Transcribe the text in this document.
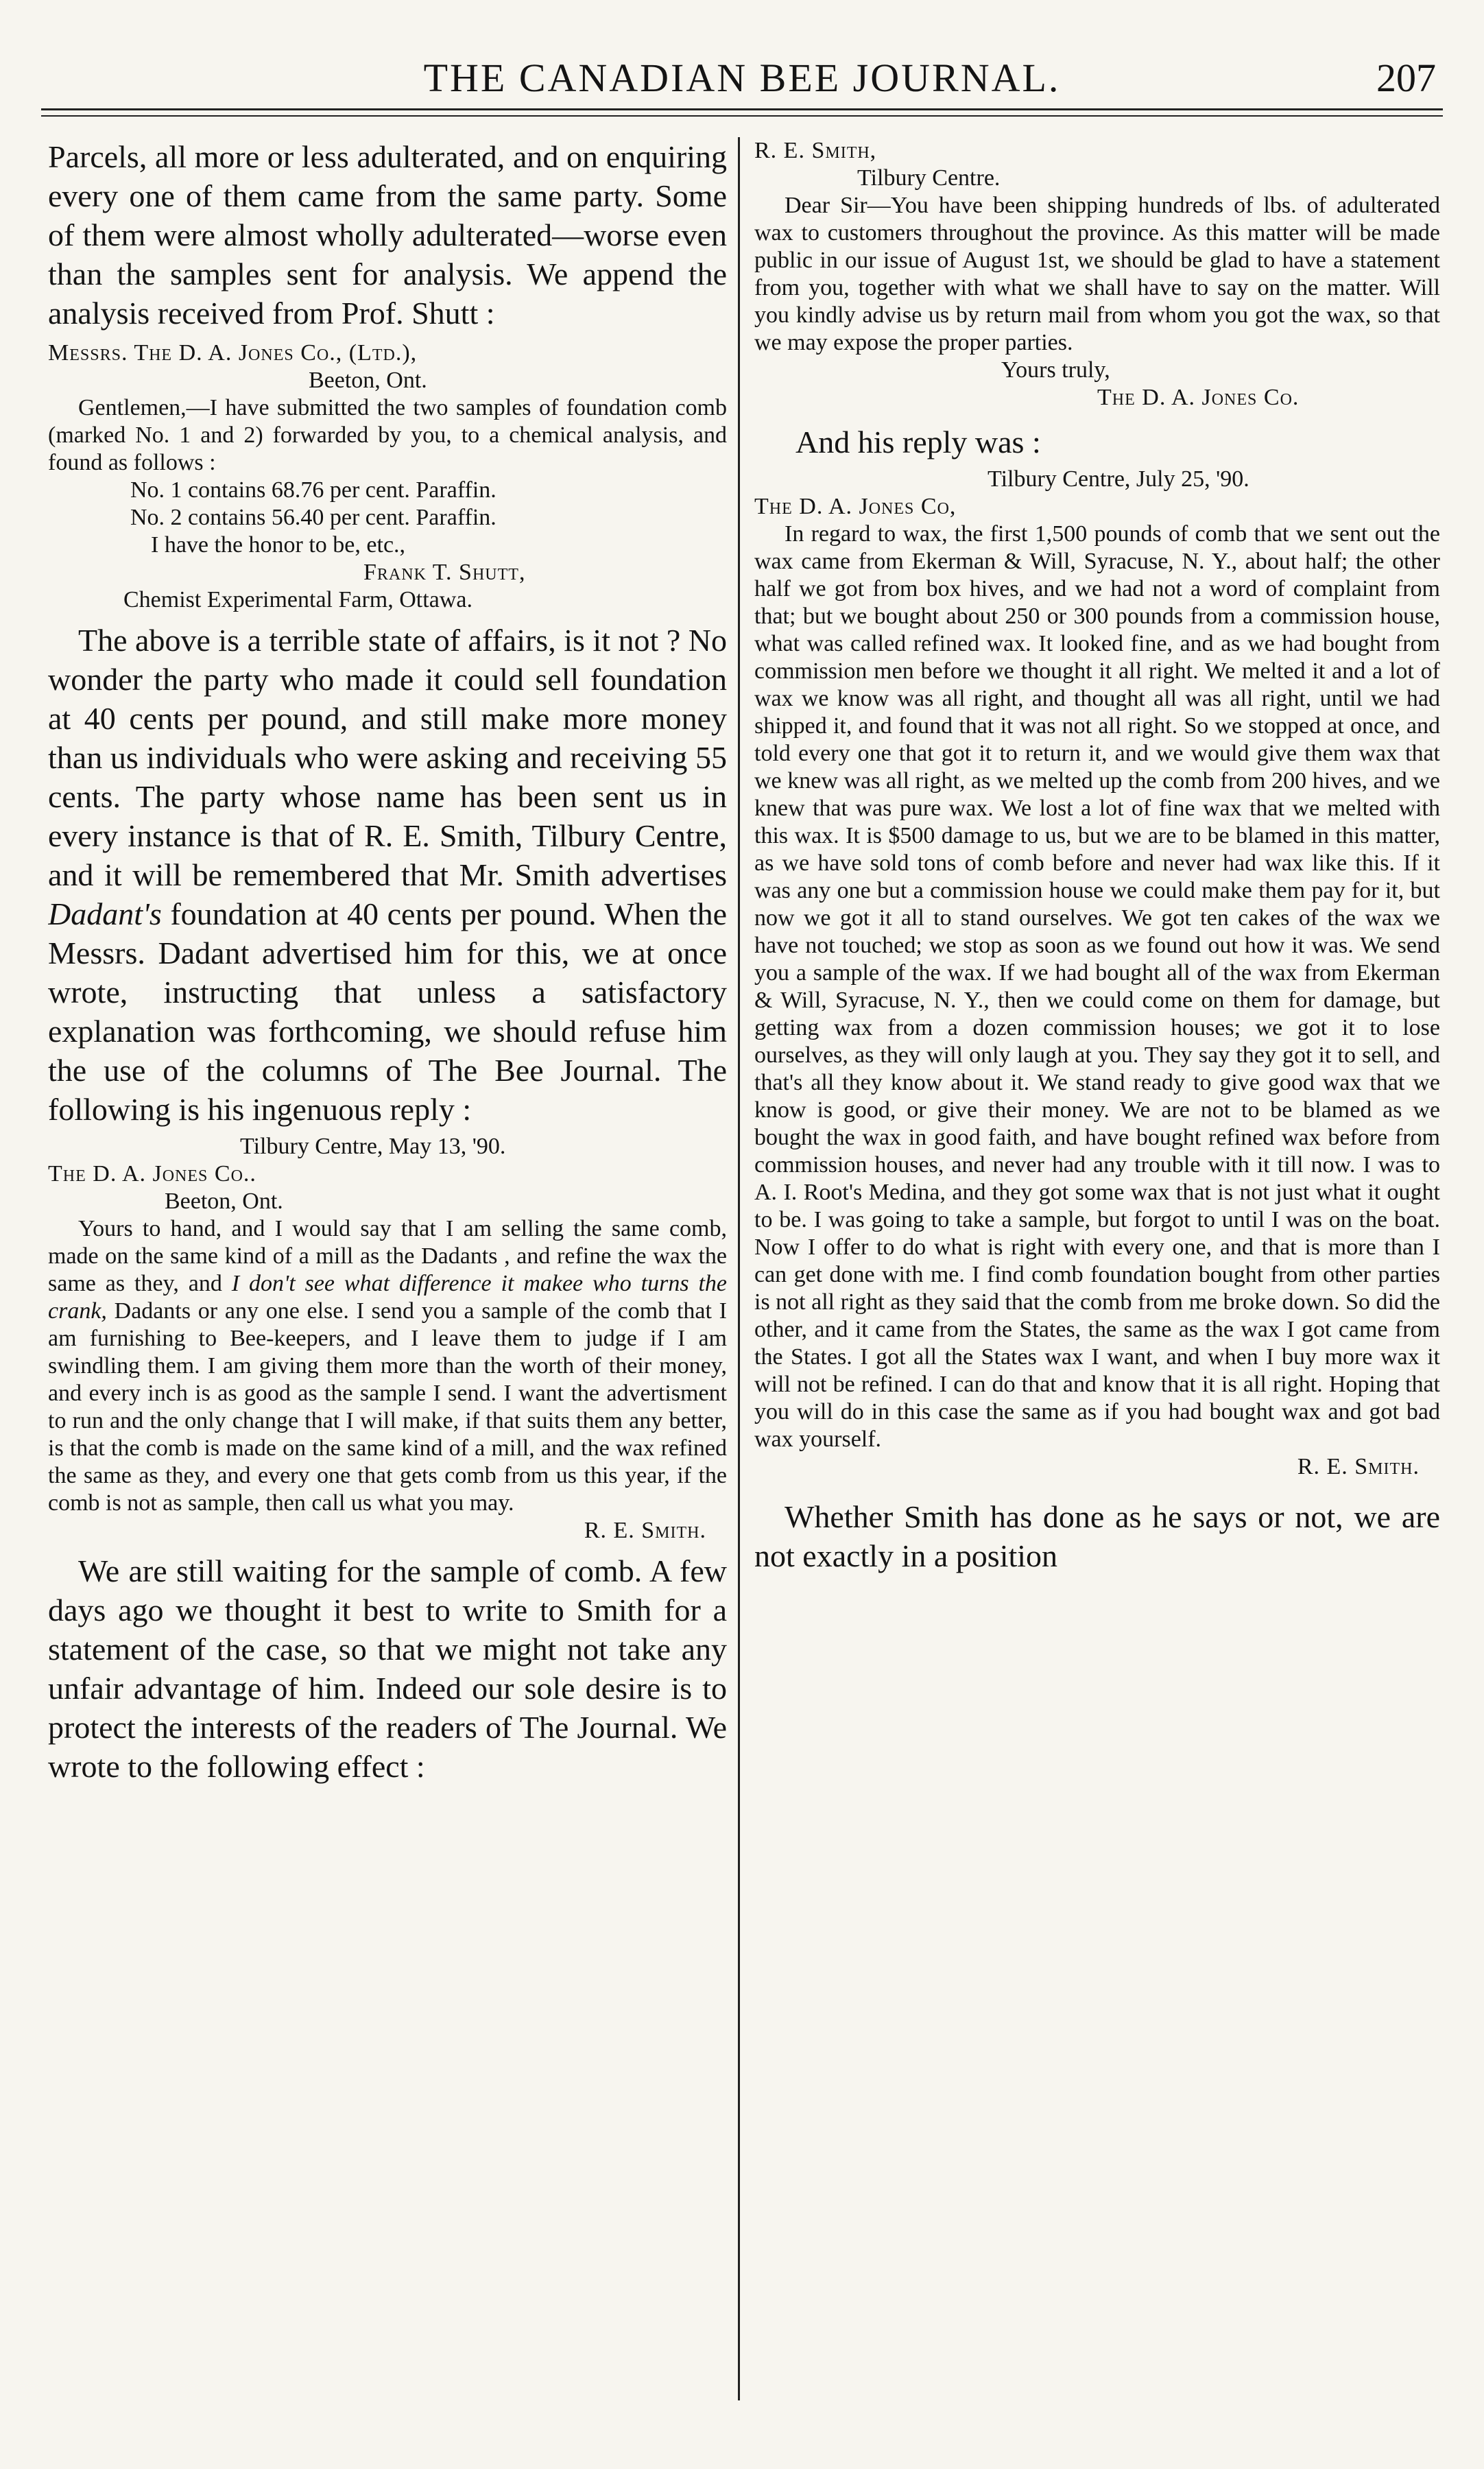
THE CANADIAN BEE JOURNAL.	207

Parcels, all more or less adulterated, and on enquiring every one of them came from the same party. Some of them were almost wholly adulterated—worse even than the samples sent for analysis. We append the analysis received from Prof. Shutt :

Messrs. The D. A. Jones Co., (Ltd.),
Beeton, Ont.

Gentlemen,—I have submitted the two samples of foundation comb (marked No. 1 and 2) forwarded by you, to a chemical analysis, and found as follows :

No. 1 contains 68.76 per cent. Paraffin.
No. 2 contains 56.40 per cent. Paraffin.
I have the honor to be, etc.,
Frank T. Shutt,
Chemist Experimental Farm, Ottawa.

The above is a terrible state of affairs, is it not ? No wonder the party who made it could sell foundation at 40 cents per pound, and still make more money than us individuals who were asking and receiving 55 cents. The party whose name has been sent us in every instance is that of R. E. Smith, Tilbury Centre, and it will be remembered that Mr. Smith advertises Dadant's foundation at 40 cents per pound. When the Messrs. Dadant advertised him for this, we at once wrote, instructing that unless a satisfactory explanation was forthcoming, we should refuse him the use of the columns of The Bee Journal. The following is his ingenuous reply :

Tilbury Centre, May 13, '90.
The D. A. Jones Co..
Beeton, Ont.

Yours to hand, and I would say that I am selling the same comb, made on the same kind of a mill as the Dadants , and refine the wax the same as they, and I don't see what difference it makee who turns the crank, Dadants or any one else. I send you a sample of the comb that I am furnishing to Bee-keepers, and I leave them to judge if I am swindling them. I am giving them more than the worth of their money, and every inch is as good as the sample I send. I want the advertisment to run and the only change that I will make, if that suits them any better, is that the comb is made on the same kind of a mill, and the wax refined the same as they, and every one that gets comb from us this year, if the comb is not as sample, then call us what you may.

R. E. Smith.

We are still waiting for the sample of comb. A few days ago we thought it best to write to Smith for a statement of the case, so that we might not take any unfair advantage of him. Indeed our sole desire is to protect the interests of the readers of The Journal. We wrote to the following effect :

R. E. Smith,
Tilbury Centre.

Dear Sir—You have been shipping hundreds of lbs. of adulterated wax to customers throughout the province. As this matter will be made public in our issue of August 1st, we should be glad to have a statement from you, together with what we shall have to say on the matter. Will you kindly advise us by return mail from whom you got the wax, so that we may expose the proper parties.

Yours truly,
The D. A. Jones Co.

And his reply was :

Tilbury Centre, July 25, '90.
The D. A. Jones Co,

In regard to wax, the first 1,500 pounds of comb that we sent out the wax came from Ekerman & Will, Syracuse, N. Y., about half; the other half we got from box hives, and we had not a word of complaint from that; but we bought about 250 or 300 pounds from a commission house, what was called refined wax. It looked fine, and as we had bought from commission men before we thought it all right. We melted it and a lot of wax we know was all right, and thought all was all right, until we had shipped it, and found that it was not all right. So we stopped at once, and told every one that got it to return it, and we would give them wax that we knew was all right, as we melted up the comb from 200 hives, and we knew that was pure wax. We lost a lot of fine wax that we melted with this wax. It is $500 damage to us, but we are to be blamed in this matter, as we have sold tons of comb before and never had wax like this. If it was any one but a commission house we could make them pay for it, but now we got it all to stand ourselves. We got ten cakes of the wax we have not touched; we stop as soon as we found out how it was. We send you a sample of the wax. If we had bought all of the wax from Ekerman & Will, Syracuse, N. Y., then we could come on them for damage, but getting wax from a dozen commission houses; we got it to lose ourselves, as they will only laugh at you. They say they got it to sell, and that's all they know about it. We stand ready to give good wax that we know is good, or give their money. We are not to be blamed as we bought the wax in good faith, and have bought refined wax before from commission houses, and never had any trouble with it till now. I was to A. I. Root's Medina, and they got some wax that is not just what it ought to be. I was going to take a sample, but forgot to until I was on the boat. Now I offer to do what is right with every one, and that is more than I can get done with me. I find comb foundation bought from other parties is not all right as they said that the comb from me broke down. So did the other, and it came from the States, the same as the wax I got came from the States. I got all the States wax I want, and when I buy more wax it will not be refined. I can do that and know that it is all right. Hoping that you will do in this case the same as if you had bought wax and got bad wax yourself.

R. E. Smith.

Whether Smith has done as he says or not, we are not exactly in a position
